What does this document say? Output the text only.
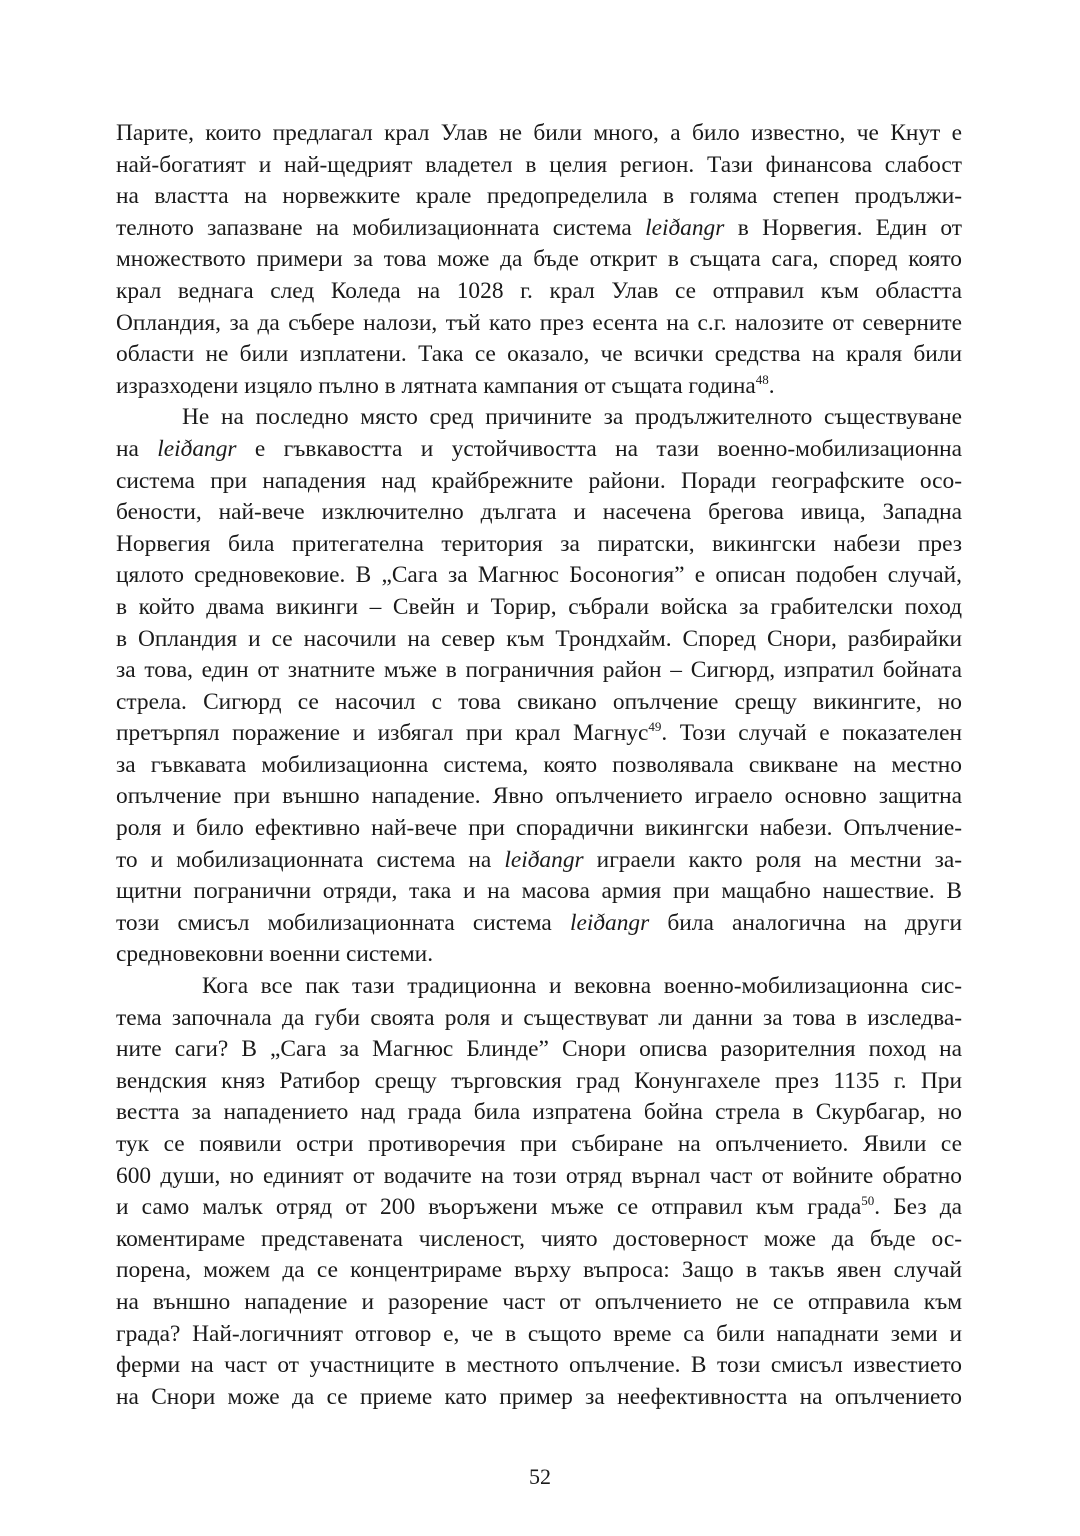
Парите, които предлагал крал Улав не били много, а било известно, че Кнут е
най-богатият и най-щедрият владетел в целия регион. Тази финансова слабост
на властта на норвежките крале предопределила в голяма степен продължи-
телното запазване на мобилизационната система leiðangr в Норвегия. Един от
множеството примери за това може да бъде открит в същата сага, според която
крал веднага след Коледа на 1028 г. крал Улав се отправил към областта
Опландия, за да събере налози, тъй като през есента на с.г. налозите от северните
области не били изплатени. Така се оказало, че всички средства на краля били
изразходени изцяло пълно в лятната кампания от същата година$^{48}$.
Не на последно място сред причините за продължителното съществуване
на leiðangr е гъвкавостта и устойчивостта на тази военно-мобилизационна
система при нападения над крайбрежните райони. Поради географските осо-
бености, най-вече изключително дългата и насечена брегова ивица, Западна
Норвегия била притегателна територия за пиратски, викингски набези през
цялото средновековие. В „Сага за Магнюс Босоногия” е описан подобен случай,
в който двама викинги – Свейн и Торир, събрали войска за грабителски поход
в Опландия и се насочили на север към Трондхайм. Според Снори, разбирайки
за това, един от знатните мъже в пограничния район – Сигюрд, изпратил бойната
стрела. Сигюрд се насочил с това свикано опълчение срещу викингите, но
претърпял поражение и избягал при крал Магнус$^{49}$. Този случай е показателен
за гъвкавата мобилизационна система, която позволявала свикване на местно
опълчение при външно нападение. Явно опълчението играело основно защитна
роля и било ефективно най-вече при спорадични викингски набези. Опълчение-
то и мобилизационната система на leiðangr играели както роля на местни за-
щитни погранични отряди, така и на масова армия при мащабно нашествие. В
този смисъл мобилизационната система leiðangr била аналогична на други
средновековни военни системи.
Кога все пак тази традиционна и вековна военно-мобилизационна сис-
тема започнала да губи своята роля и съществуват ли данни за това в изследва-
ните саги? В „Сага за Магнюс Блинде” Снори описва разорителния поход на
вендския княз Ратибор срещу търговския град Конунгахеле през 1135 г. При
вестта за нападението над града била изпратена бойна стрела в Скурбагар, но
тук се появили остри противоречия при събиране на опълчението. Явили се
600 души, но единият от водачите на този отряд върнал част от войните обратно
и само малък отряд от 200 въоръжени мъже се отправил към града$^{50}$. Без да
коментираме представената численост, чиято достоверност може да бъде ос-
порена, можем да се концентрираме върху въпроса: Защо в такъв явен случай
на външно нападение и разорение част от опълчението не се отправила към
града? Най-логичният отговор е, че в същото време са били нападнати земи и
ферми на част от участниците в местното опълчение. В този смисъл известието
на Снори може да се приеме като пример за неефективността на опълчението
52
